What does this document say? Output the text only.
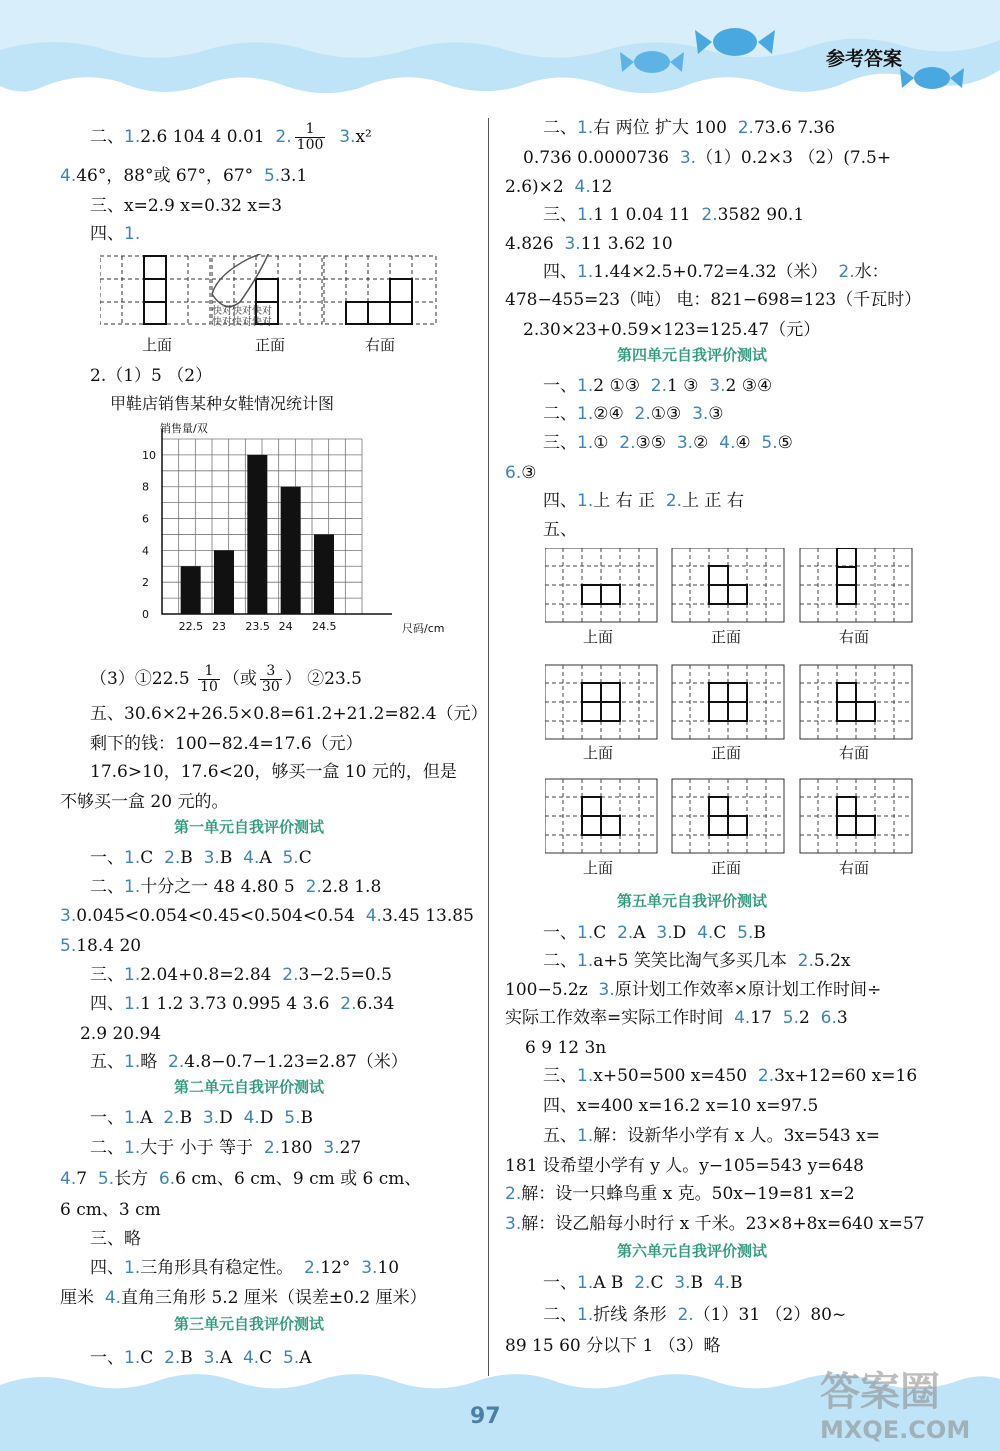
参考答案
97
答案圈
MXQE.COM
二、1.2.6 104 4 0.01 2. $\frac{1}{100} 3.x^2$
4.46°，88°或 67°，67° 5.3.1
三、x=2.9 x=0.32 x=3
四、1.
快对快对快对
快对快对快对
上面	正面	右面
2.（1）5 （2）
甲鞋店销售某种女鞋情况统计图
销售量/双
尺码/cm
0
2
4
6
8
10
22.5 23 23.5 24 24.5
（3）①22.5 $\frac{1}{10}$ （或 $\frac{3}{30}$ ） ②23.5
五、30.6×2+26.5×0.8=61.2+21.2=82.4（元）
剩下的钱：100−82.4=17.6（元）
17.6>10，17.6<20，够买一盒 10 元的，但是
不够买一盒 20 元的。
第一单元自我评价测试
一、1.C 2.B 3.B 4.A 5.C
二、1.十分之一 48 4.80 5 2.2.8 1.8
3.0.045<0.054<0.45<0.504<0.54 4.3.45 13.85
5.18.4 20
三、1.2.04+0.8=2.84 2.3−2.5=0.5
四、1.1 1.2 3.73 0.995 4 3.6 2.6.34
2.9 20.94
五、1.略 2.4.8−0.7−1.23=2.87（米）
第二单元自我评价测试
一、1.A 2.B 3.D 4.D 5.B
二、1.大于 小于 等于 2.180 3.27
4.7 5.长方 6.6 cm、6 cm、9 cm 或 6 cm、
6 cm、3 cm
三、略
四、1.三角形具有稳定性。 2.12° 3.10
厘米 4.直角三角形 5.2 厘米（误差±0.2 厘米）
第三单元自我评价测试
一、1.C 2.B 3.A 4.C 5.A
二、1.右 两位 扩大 100 2.73.6 7.36
0.736 0.0000736 3.（1）0.2×3 （2）(7.5+
2.6)×2 4.12
三、1.1 1 0.04 11 2.3582 90.1
4.826 3.11 3.62 10
四、1.1.44×2.5+0.72=4.32（米） 2.水：
478−455=23（吨） 电：821−698=123（千瓦时）
2.30×23+0.59×123=125.47（元）
第四单元自我评价测试
一、1.2 ①③ 2.1 ③ 3.2 ③④
二、1.②④ 2.①③ 3.③
三、1.① 2.③⑤ 3.② 4.④ 5.⑤
6.③
四、1.上 右 正 2.上 正 右
五、
上面	正面	右面
上面	正面	右面
上面	正面	右面
第五单元自我评价测试
一、1.C 2.A 3.D 4.C 5.B
二、1.a+5 笑笑比淘气多买几本 2.5.2x
100−5.2z 3.原计划工作效率×原计划工作时间÷
实际工作效率=实际工作时间 4.17 5.2 6.3
6 9 12 3n
三、1.x+50=500 x=450 2.3x+12=60 x=16
四、x=400 x=16.2 x=10 x=97.5
五、1.解：设新华小学有 x 人。3x=543 x=
181 设希望小学有 y 人。y−105=543 y=648
2.解：设一只蜂鸟重 x 克。50x−19=81 x=2
3.解：设乙船每小时行 x 千米。23×8+8x=640 x=57
第六单元自我评价测试
一、1.A B 2.C 3.B 4.B
二、1.折线 条形 2.（1）31 （2）80~
89 15 60 分以下 1 （3）略
